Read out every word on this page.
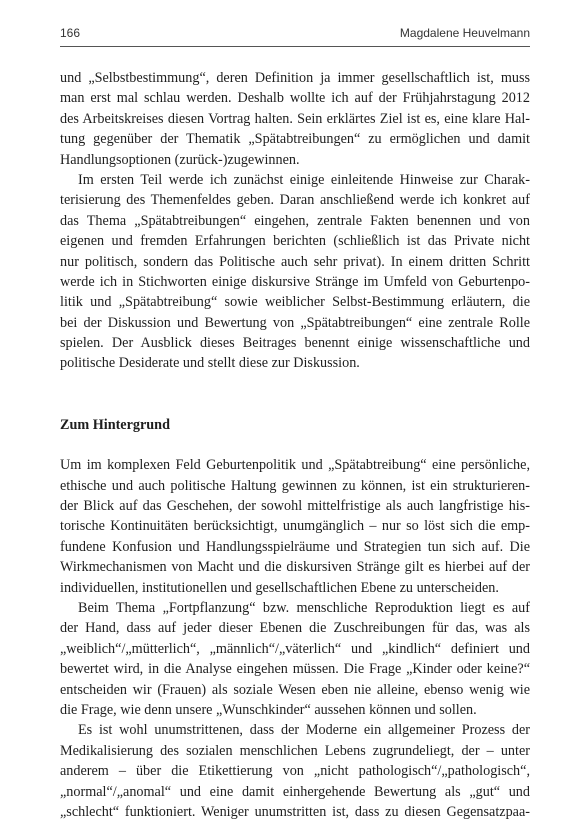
166	Magdalene Heuvelmann
und „Selbstbestimmung“, deren Definition ja immer gesellschaftlich ist, muss
man erst mal schlau werden. Deshalb wollte ich auf der Frühjahrstagung 2012
des Arbeitskreises diesen Vortrag halten. Sein erklärtes Ziel ist es, eine klare Hal-
tung gegenüber der Thematik „Spätabtreibungen“ zu ermöglichen und damit
Handlungsoptionen (zurück-)zugewinnen.
Im ersten Teil werde ich zunächst einige einleitende Hinweise zur Charak-
terisierung des Themenfeldes geben. Daran anschließend werde ich konkret auf
das Thema „Spätabtreibungen“ eingehen, zentrale Fakten benennen und von
eigenen und fremden Erfahrungen berichten (schließlich ist das Private nicht
nur politisch, sondern das Politische auch sehr privat). In einem dritten Schritt
werde ich in Stichworten einige diskursive Stränge im Umfeld von Geburtenpo-
litik und „Spätabtreibung“ sowie weiblicher Selbst-Bestimmung erläutern, die
bei der Diskussion und Bewertung von „Spätabtreibungen“ eine zentrale Rolle
spielen. Der Ausblick dieses Beitrages benennt einige wissenschaftliche und
politische Desiderate und stellt diese zur Diskussion.
Zum Hintergrund
Um im komplexen Feld Geburtenpolitik und „Spätabtreibung“ eine persönliche,
ethische und auch politische Haltung gewinnen zu können, ist ein strukturieren-
der Blick auf das Geschehen, der sowohl mittelfristige als auch langfristige his-
torische Kontinuitäten berücksichtigt, unumgänglich – nur so löst sich die emp-
fundene Konfusion und Handlungsspielräume und Strategien tun sich auf. Die
Wirkmechanismen von Macht und die diskursiven Stränge gilt es hierbei auf der
individuellen, institutionellen und gesellschaftlichen Ebene zu unterscheiden.
Beim Thema „Fortpflanzung“ bzw. menschliche Reproduktion liegt es auf
der Hand, dass auf jeder dieser Ebenen die Zuschreibungen für das, was als
„weiblich“/„mütterlich“, „männlich“/„väterlich“ und „kindlich“ definiert und
bewertet wird, in die Analyse eingehen müssen. Die Frage „Kinder oder keine?“
entscheiden wir (Frauen) als soziale Wesen eben nie alleine, ebenso wenig wie
die Frage, wie denn unsere „Wunschkinder“ aussehen können und sollen.
Es ist wohl unumstrittenen, dass der Moderne ein allgemeiner Prozess der
Medikalisierung des sozialen menschlichen Lebens zugrundeliegt, der – unter
anderem – über die Etikettierung von „nicht pathologisch“/„pathologisch“,
„normal“/„anomal“ und eine damit einhergehende Bewertung als „gut“ und
„schlecht“ funktioniert. Weniger unumstritten ist, dass zu diesen Gegensatzpaa-
